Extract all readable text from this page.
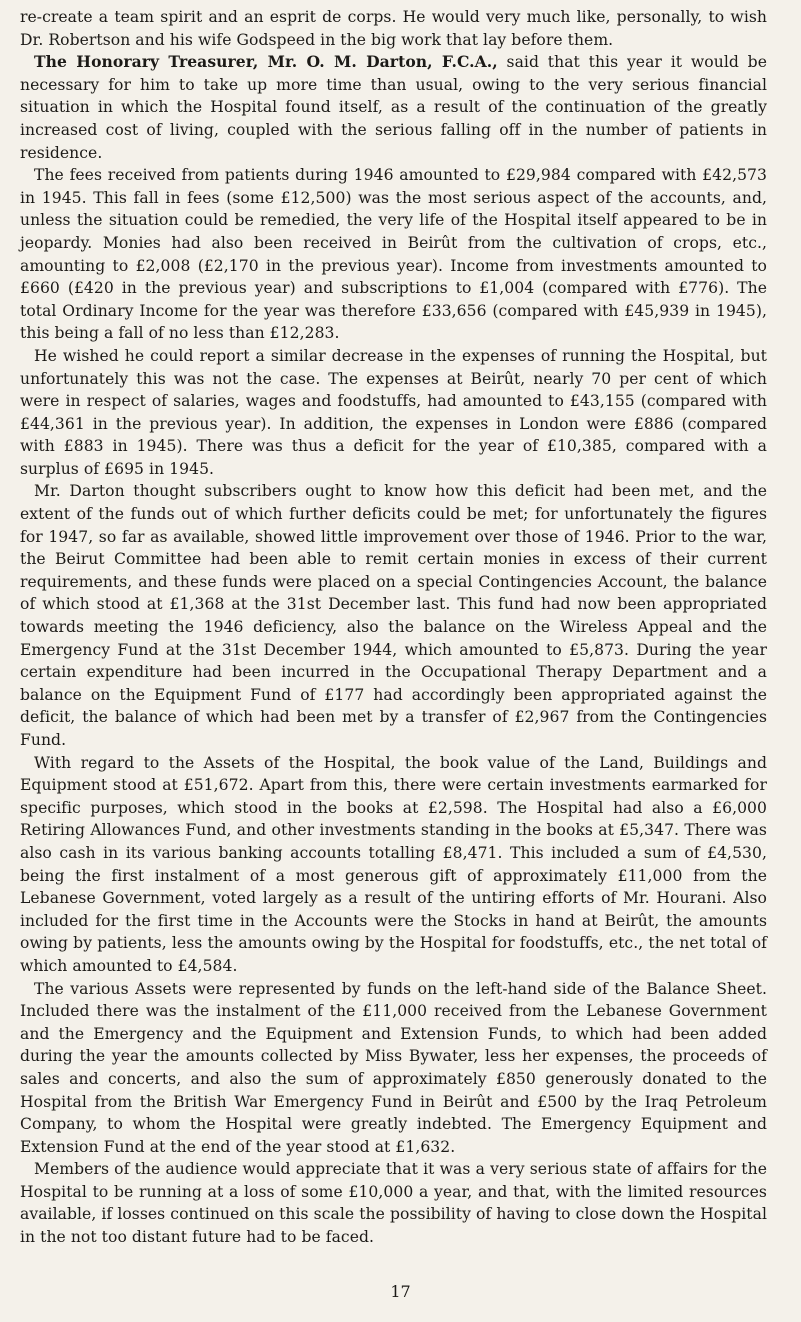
re-create a team spirit and an esprit de corps. He would very much like, personally, to wish Dr. Robertson and his wife Godspeed in the big work that lay before them.

The Honorary Treasurer, Mr. O. M. Darton, F.C.A., said that this year it would be necessary for him to take up more time than usual, owing to the very serious financial situation in which the Hospital found itself, as a result of the continuation of the greatly increased cost of living, coupled with the serious falling off in the number of patients in residence.

The fees received from patients during 1946 amounted to £29,984 compared with £42,573 in 1945. This fall in fees (some £12,500) was the most serious aspect of the accounts, and, unless the situation could be remedied, the very life of the Hospital itself appeared to be in jeopardy. Monies had also been received in Beirût from the cultivation of crops, etc., amounting to £2,008 (£2,170 in the previous year). Income from investments amounted to £660 (£420 in the previous year) and subscriptions to £1,004 (compared with £776). The total Ordinary Income for the year was therefore £33,656 (compared with £45,939 in 1945), this being a fall of no less than £12,283.

He wished he could report a similar decrease in the expenses of running the Hospital, but unfortunately this was not the case. The expenses at Beirût, nearly 70 per cent of which were in respect of salaries, wages and foodstuffs, had amounted to £43,155 (compared with £44,361 in the previous year). In addition, the expenses in London were £886 (compared with £883 in 1945). There was thus a deficit for the year of £10,385, compared with a surplus of £695 in 1945.

Mr. Darton thought subscribers ought to know how this deficit had been met, and the extent of the funds out of which further deficits could be met; for unfortunately the figures for 1947, so far as available, showed little improvement over those of 1946. Prior to the war, the Beirut Committee had been able to remit certain monies in excess of their current requirements, and these funds were placed on a special Contingencies Account, the balance of which stood at £1,368 at the 31st December last. This fund had now been appropriated towards meeting the 1946 deficiency, also the balance on the Wireless Appeal and the Emergency Fund at the 31st December 1944, which amounted to £5,873. During the year certain expenditure had been incurred in the Occupational Therapy Department and a balance on the Equipment Fund of £177 had accordingly been appropriated against the deficit, the balance of which had been met by a transfer of £2,967 from the Contingencies Fund.

With regard to the Assets of the Hospital, the book value of the Land, Buildings and Equipment stood at £51,672. Apart from this, there were certain investments earmarked for specific purposes, which stood in the books at £2,598. The Hospital had also a £6,000 Retiring Allowances Fund, and other investments standing in the books at £5,347. There was also cash in its various banking accounts totalling £8,471. This included a sum of £4,530, being the first instalment of a most generous gift of approximately £11,000 from the Lebanese Government, voted largely as a result of the untiring efforts of Mr. Hourani. Also included for the first time in the Accounts were the Stocks in hand at Beirût, the amounts owing by patients, less the amounts owing by the Hospital for foodstuffs, etc., the net total of which amounted to £4,584.

The various Assets were represented by funds on the left-hand side of the Balance Sheet. Included there was the instalment of the £11,000 received from the Lebanese Government and the Emergency and the Equipment and Extension Funds, to which had been added during the year the amounts collected by Miss Bywater, less her expenses, the proceeds of sales and concerts, and also the sum of approximately £850 generously donated to the Hospital from the British War Emergency Fund in Beirût and £500 by the Iraq Petroleum Company, to whom the Hospital were greatly indebted. The Emergency Equipment and Extension Fund at the end of the year stood at £1,632.

Members of the audience would appreciate that it was a very serious state of affairs for the Hospital to be running at a loss of some £10,000 a year, and that, with the limited resources available, if losses continued on this scale the possibility of having to close down the Hospital in the not too distant future had to be faced.

17
